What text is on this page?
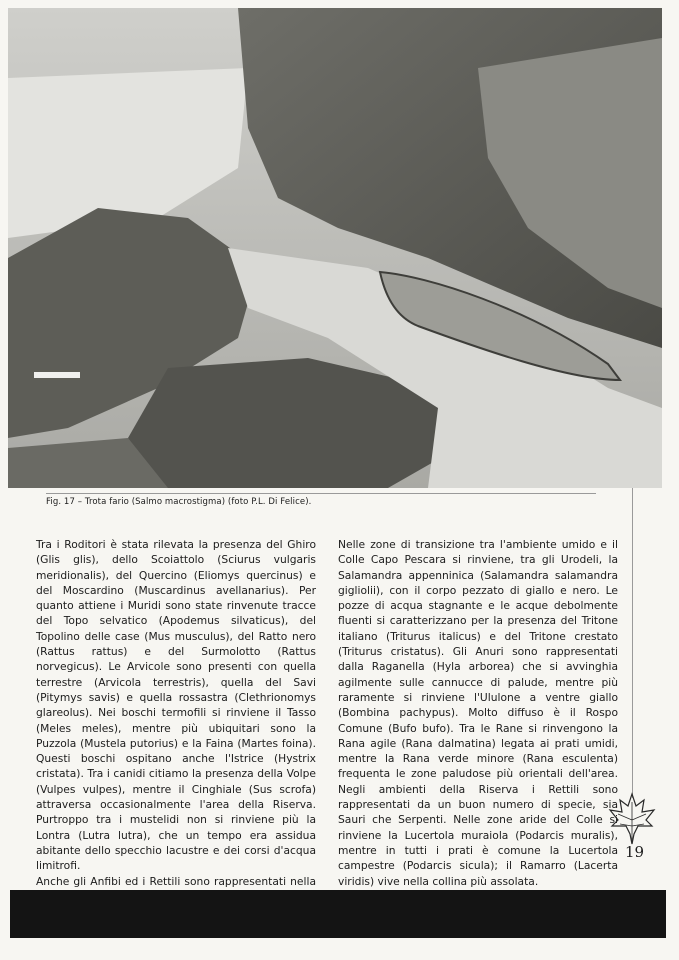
Fig. 17 – Trota fario (Salmo macrostigma) (foto P.L. Di Felice).

Tra i Roditori è stata rilevata la presenza del Ghiro (Glis glis), dello Scoiattolo (Sciurus vulgaris meridionalis), del Quercino (Eliomys quercinus) e del Moscardino (Muscardinus avellanarius). Per quanto attiene i Muridi sono state rinvenute tracce del Topo selvatico (Apodemus silvaticus), del Topolino delle case (Mus musculus), del Ratto nero (Rattus rattus) e del Surmolotto (Rattus norvegicus). Le Arvicole sono presenti con quella terrestre (Arvicola terrestris), quella del Savi (Pitymys savis) e quella rossastra (Clethrionomys glareolus). Nei boschi termofili si rinviene il Tasso (Meles meles), mentre più ubiquitari sono la Puzzola (Mustela putorius) e la Faina (Martes foina). Questi boschi ospitano anche l'Istrice (Hystrix cristata). Tra i canidi citiamo la presenza della Volpe (Vulpes vulpes), mentre il Cinghiale (Sus scrofa) attraversa occasionalmente l'area della Riserva. Purtroppo tra i mustelidi non si rinviene più la Lontra (Lutra lutra), che un tempo era assidua abitante dello specchio lacustre e dei corsi d'acqua limitrofi.

Anche gli Anfibi ed i Rettili sono rappresentati nella

Nelle zone di transizione tra l'ambiente umido e il Colle Capo Pescara si rinviene, tra gli Urodeli, la Salamandra appenninica (Salamandra salamandra gigliolii), con il corpo pezzato di giallo e nero. Le pozze di acqua stagnante e le acque debolmente fluenti si caratterizzano per la presenza del Tritone italiano (Triturus italicus) e del Tritone crestato (Triturus cristatus). Gli Anuri sono rappresentati dalla Raganella (Hyla arborea) che si avvinghia agilmente sulle cannucce di palude, mentre più raramente si rinviene l'Ululone a ventre giallo (Bombina pachypus). Molto diffuso è il Rospo Comune (Bufo bufo). Tra le Rane si rinvengono la Rana agile (Rana dalmatina) legata ai prati umidi, mentre la Rana verde minore (Rana esculenta) frequenta le zone paludose più orientali dell'area. Negli ambienti della Riserva i Rettili sono rappresentati da un buon numero di specie, sia Sauri che Serpenti. Nelle zone aride del Colle si rinviene la Lucertola muraiola (Podarcis muralis), mentre in tutti i prati è comune la Lucertola campestre (Podarcis sicula); il Ramarro (Lacerta viridis) vive nella collina più assolata.

19
